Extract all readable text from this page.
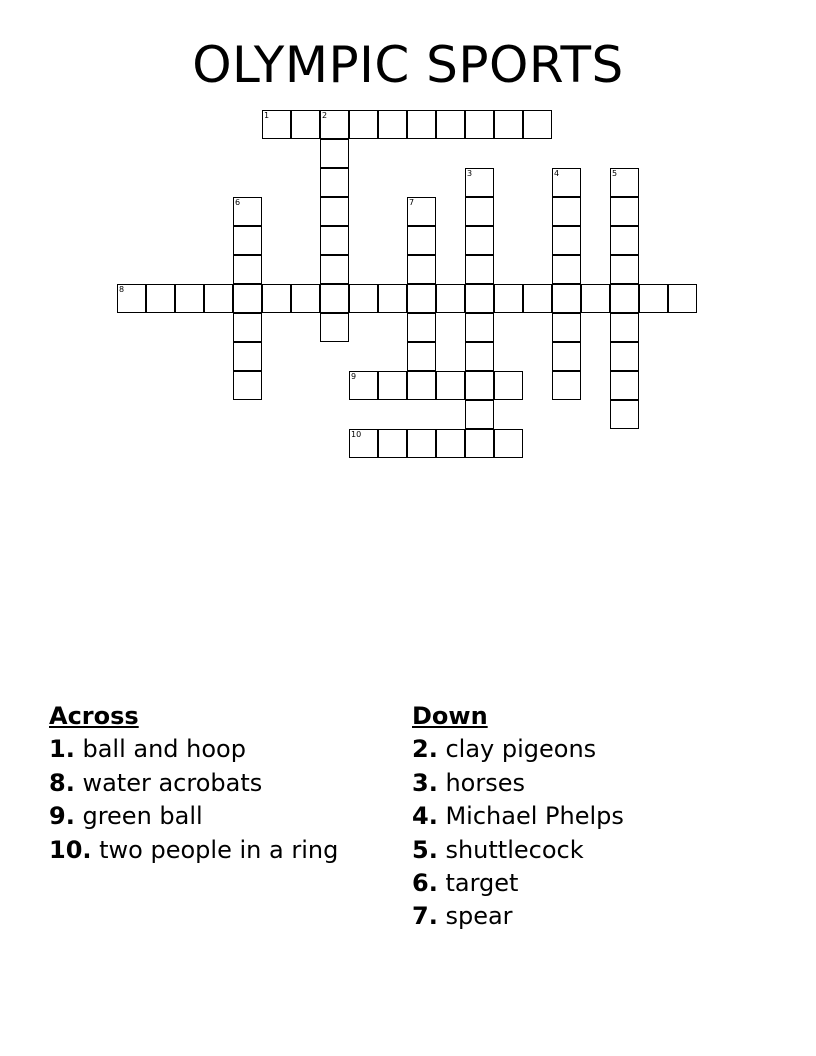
OLYMPIC SPORTS
1	2
3	4	5
6	7
8
9
10
Across
1. ball and hoop
8. water acrobats
9. green ball
10. two people in a ring
Down
2. clay pigeons
3. horses
4. Michael Phelps
5. shuttlecock
6. target
7. spear
